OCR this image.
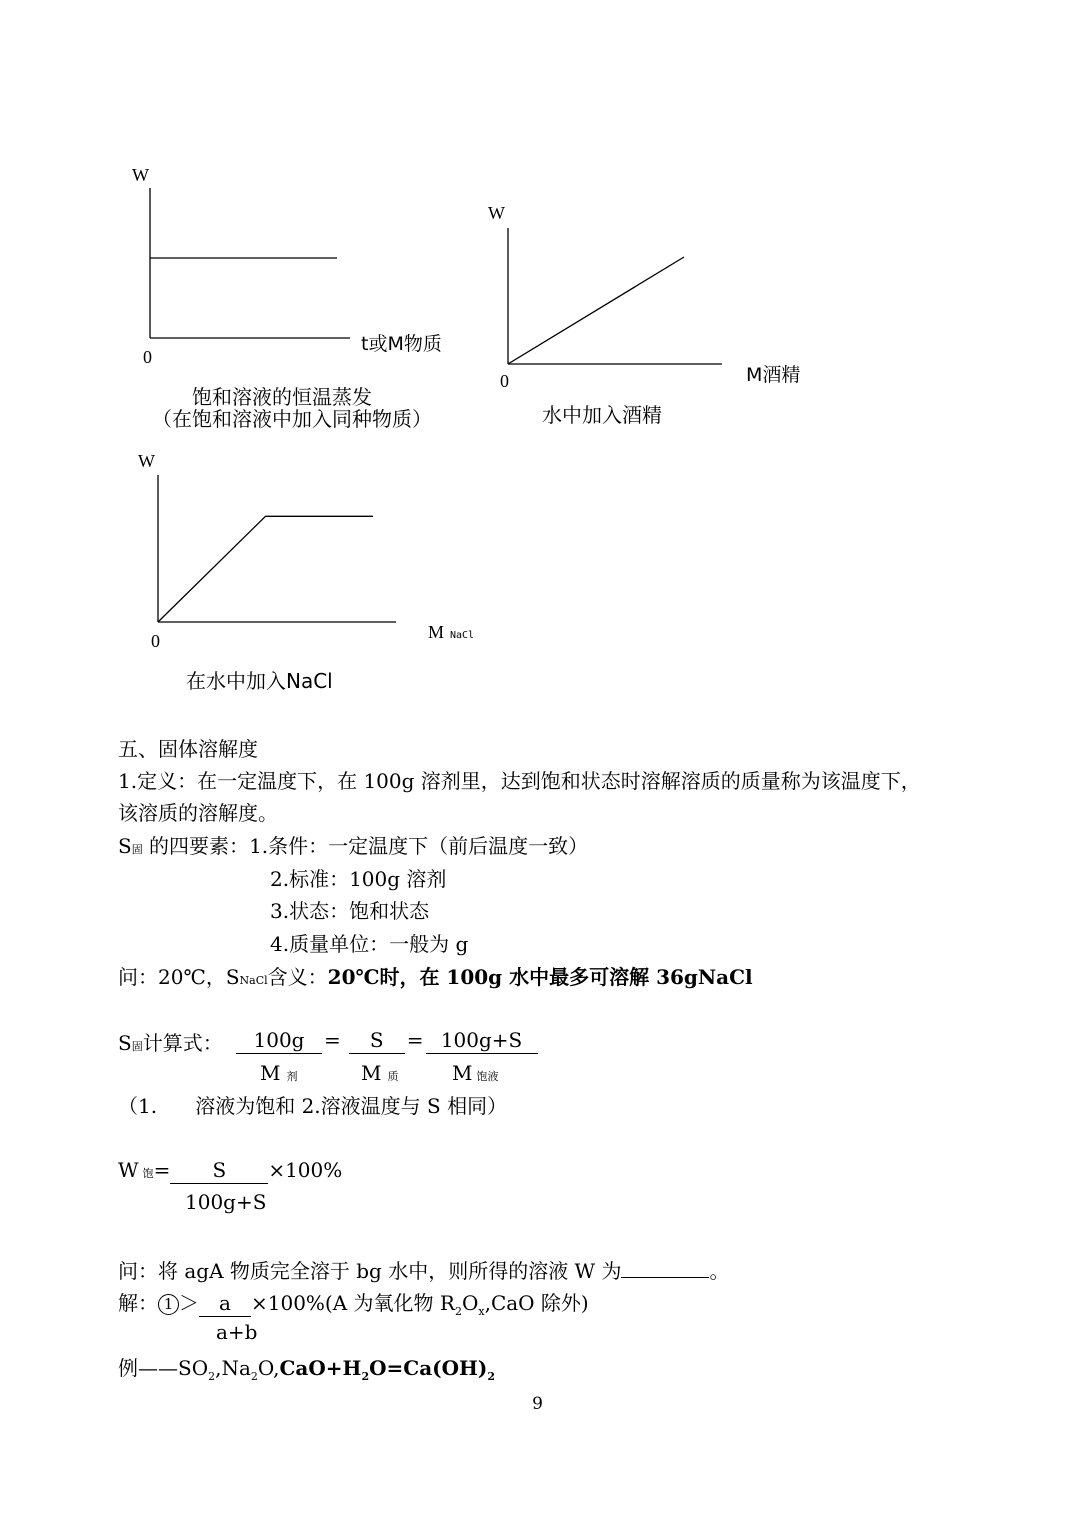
W
0
t或M物质
饱和溶液的恒温蒸发
（在饱和溶液中加入同种物质）
W
0	M酒精
水中加入酒精
W
0	M NaCl
在水中加入NaCl
五、固体溶解度
1.定义：在一定温度下，在 100g 溶剂里，达到饱和状态时溶解溶质的质量称为该温度下，
该溶质的溶解度。
S固 的四要素：1.条件：一定温度下（前后温度一致）
2.标准：100g 溶剂
3.状态：饱和状态
4.质量单位：一般为 g
问：20℃，SNaCl含义：20℃时，在 100g 水中最多可溶解 36gNaCl
S固计算式：	100g = S = 100g+S
M剂	M质	M饱液
（1.      溶液为饱和 2.溶液温度与 S 相同）
W饱= S ×100%
100g+S
问：将 agA 物质完全溶于 bg 水中，则所得的溶液 W 为	。
解： 1 ＞ a ×100%(A 为氧化物 $R_2O_x,CaO$ 除外)
a+b
例$——SO_2,Na_2O,CaO+H_2O=Ca(OH)_2$
9
